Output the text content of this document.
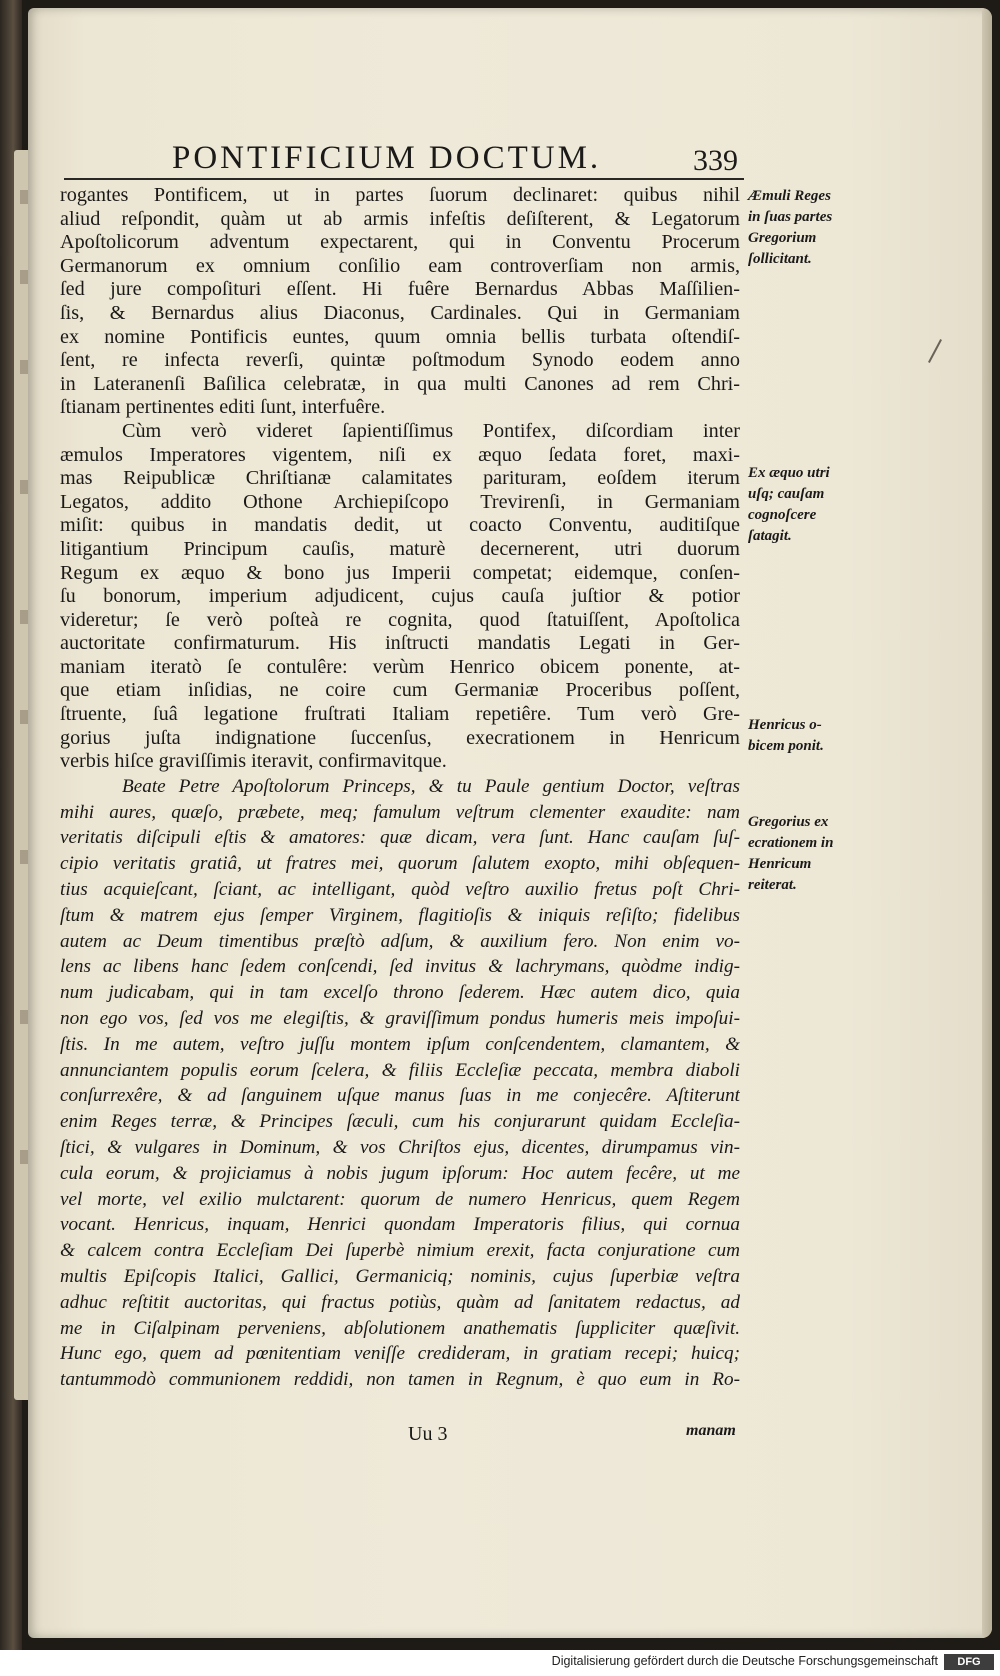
PONTIFICIUM DOCTUM.	339
rogantes Pontificem, ut in partes ſuorum declinaret: quibus nihil
aliud reſpondit, quàm ut ab armis infeſtis deſiſterent, & Legatorum
Apoſtolicorum adventum expectarent, qui in Conventu Procerum
Germanorum ex omnium conſilio eam controverſiam non armis,
ſed jure compoſituri eſſent. Hi fuêre Bernardus Abbas Maſſilien-
ſis, & Bernardus alius Diaconus, Cardinales. Qui in Germaniam
ex nomine Pontificis euntes, quum omnia bellis turbata oſtendiſ-
ſent, re infecta reverſi, quintæ poſtmodum Synodo eodem anno
in Lateranenſi Baſilica celebratæ, in qua multi Canones ad rem Chri-
ſtianam pertinentes editi ſunt, interfuêre.
Cùm verò videret ſapientiſſimus Pontifex, diſcordiam inter
æmulos Imperatores vigentem, niſi ex æquo ſedata foret, maxi-
mas Reipublicæ Chriſtianæ calamitates parituram, eoſdem iterum
Legatos, addito Othone Archiepiſcopo Trevirenſi, in Germaniam
miſit: quibus in mandatis dedit, ut coacto Conventu, auditiſque
litigantium Principum cauſis, maturè decernerent, utri duorum
Regum ex æquo & bono jus Imperii competat; eidemque, conſen-
ſu bonorum, imperium adjudicent, cujus cauſa juſtior & potior
videretur; ſe verò poſteà re cognita, quod ſtatuiſſent, Apoſtolica
auctoritate confirmaturum. His inſtructi mandatis Legati in Ger-
maniam iteratò ſe contulêre: verùm Henrico obicem ponente, at-
que etiam inſidias, ne coire cum Germaniæ Proceribus poſſent,
ſtruente, ſuâ legatione fruſtrati Italiam repetiêre. Tum verò Gre-
gorius juſta indignatione ſuccenſus, execrationem in Henricum
verbis hiſce graviſſimis iteravit, confirmavitque.
Beate Petre Apoſtolorum Princeps, & tu Paule gentium Doctor, veſtras
mihi aures, quæſo, præbete, meq; famulum veſtrum clementer exaudite: nam
veritatis diſcipuli eſtis & amatores: quæ dicam, vera ſunt. Hanc cauſam ſuſ-
cipio veritatis gratiâ, ut fratres mei, quorum ſalutem exopto, mihi obſequen-
tius acquieſcant, ſciant, ac intelligant, quòd veſtro auxilio fretus poſt Chri-
ſtum & matrem ejus ſemper Virginem, flagitioſis & iniquis reſiſto; fidelibus
autem ac Deum timentibus præſtò adſum, & auxilium fero. Non enim vo-
lens ac libens hanc ſedem conſcendi, ſed invitus & lachrymans, quòdme indig-
num judicabam, qui in tam excelſo throno ſederem. Hæc autem dico, quia
non ego vos, ſed vos me elegiſtis, & graviſſimum pondus humeris meis impoſui-
ſtis. In me autem, veſtro juſſu montem ipſum conſcendentem, clamantem, &
annunciantem populis eorum ſcelera, & filiis Eccleſiæ peccata, membra diaboli
conſurrexêre, & ad ſanguinem uſque manus ſuas in me conjecêre. Aſtiterunt
enim Reges terræ, & Principes ſæculi, cum his conjurarunt quidam Eccleſia-
ſtici, & vulgares in Dominum, & vos Chriſtos ejus, dicentes, dirumpamus vin-
cula eorum, & projiciamus à nobis jugum ipſorum: Hoc autem fecêre, ut me
vel morte, vel exilio mulctarent: quorum de numero Henricus, quem Regem
vocant. Henricus, inquam, Henrici quondam Imperatoris filius, qui cornua
& calcem contra Eccleſiam Dei ſuperbè nimium erexit, facta conjuratione cum
multis Epiſcopis Italici, Gallici, Germaniciq; nominis, cujus ſuperbiæ veſtra
adhuc reſtitit auctoritas, qui fractus potiùs, quàm ad ſanitatem redactus, ad
me in Ciſalpinam perveniens, abſolutionem anathematis ſuppliciter quæſivit.
Hunc ego, quem ad pœnitentiam veniſſe credideram, in gratiam recepi; huicq;
tantummodò communionem reddidi, non tamen in Regnum, è quo eum in Ro-
Æmuli Reges
in ſuas partes
Gregorium
ſollicitant.
Ex æquo utri
uſq; cauſam
cognoſcere
ſatagit.
Henricus o-
bicem ponit.
Gregorius ex
ecrationem in
Henricum
reiterat.
Uu 3	manam
Digitalisierung gefördert durch die Deutsche Forschungsgemeinschaft	DFG
